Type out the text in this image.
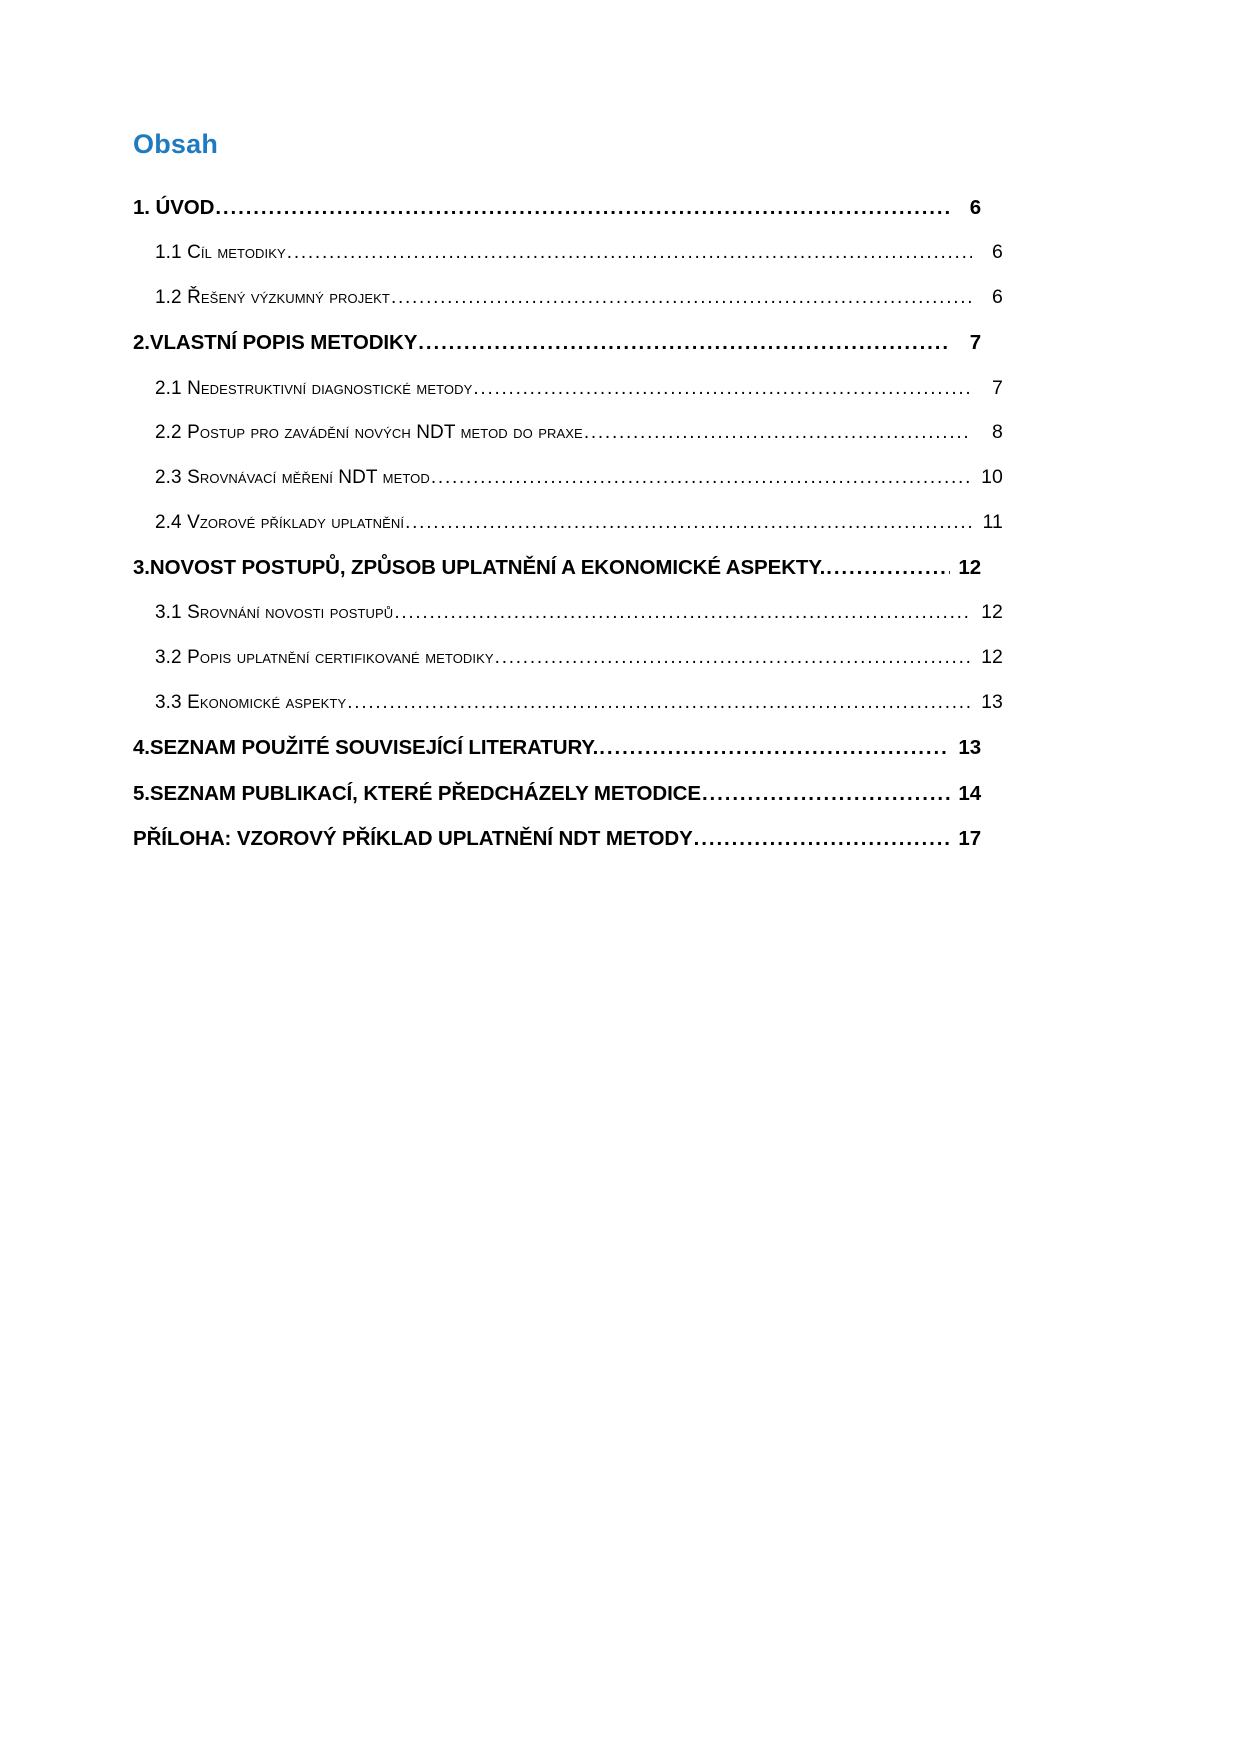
Obsah
1. ÚVOD .....	6
1.1 Cíl metodiky .....	6
1.2 Řešený výzkumný projekt .....	6
2.VLASTNÍ POPIS METODIKY .....	7
2.1 Nedestruktivní diagnostické metody .....	7
2.2 Postup pro zavádění nových NDT metod do praxe .....	8
2.3 Srovnávací měření NDT metod .....	10
2.4 Vzorové příklady uplatnění .....	11
3.NOVOST POSTUPŮ, ZPŮSOB UPLATNĚNÍ A EKONOMICKÉ ASPEKTY. .....	12
3.1 Srovnání novosti postupů .....	12
3.2 Popis uplatnění certifikované metodiky .....	12
3.3 Ekonomické aspekty .....	13
4.SEZNAM POUŽITÉ SOUVISEJÍCÍ LITERATURY. .....	13
5.SEZNAM PUBLIKACÍ, KTERÉ PŘEDCHÁZELY METODICE .....	14
PŘÍLOHA: VZOROVÝ PŘÍKLAD UPLATNĚNÍ NDT METODY .....	17
